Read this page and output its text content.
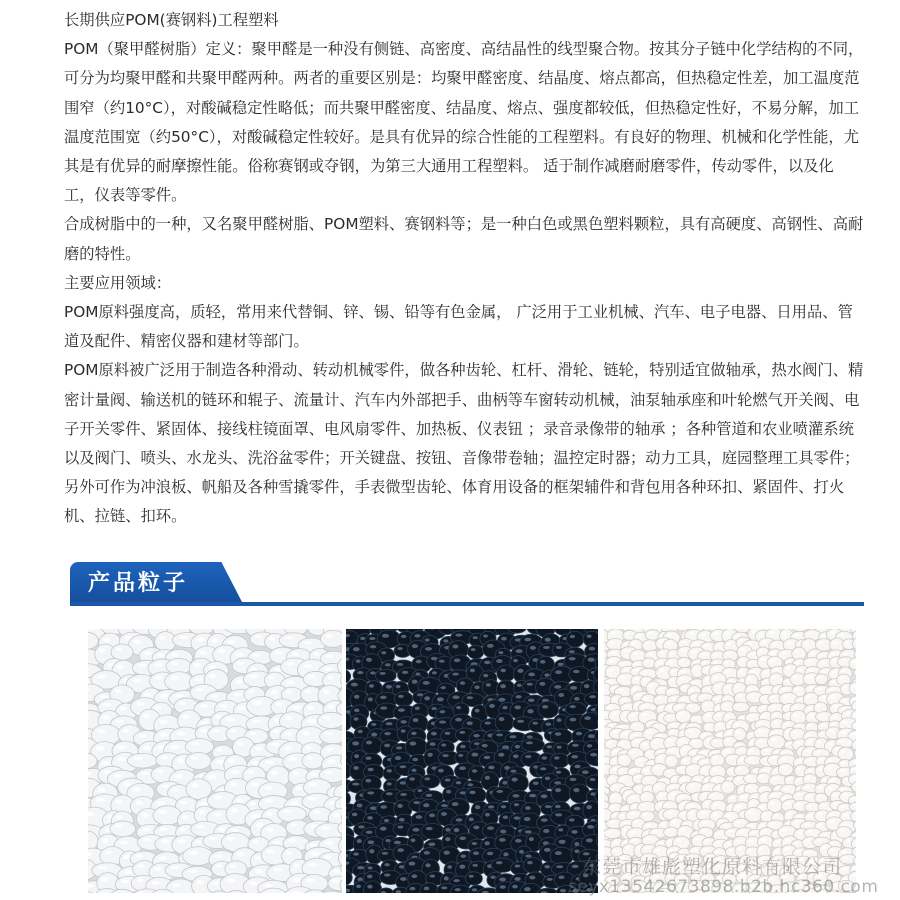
长期供应POM(赛钢料)工程塑料

POM（聚甲醛树脂）定义：聚甲醛是一种没有侧链、高密度、高结晶性的线型聚合物。按其分子链中化学结构的不同，可分为均聚甲醛和共聚甲醛两种。两者的重要区别是：均聚甲醛密度、结晶度、熔点都高，但热稳定性差，加工温度范围窄（约10°C），对酸碱稳定性略低；而共聚甲醛密度、结晶度、熔点、强度都较低，但热稳定性好，不易分解，加工温度范围宽（约50°C），对酸碱稳定性较好。是具有优异的综合性能的工程塑料。有良好的物理、机械和化学性能，尤其是有优异的耐摩擦性能。俗称赛钢或夺钢，为第三大通用工程塑料。 适于制作减磨耐磨零件，传动零件，以及化工，仪表等零件。

合成树脂中的一种，又名聚甲醛树脂、POM塑料、赛钢料等；是一种白色或黑色塑料颗粒，具有高硬度、高钢性、高耐磨的特性。

主要应用领域：

POM原料强度高，质轻，常用来代替铜、锌、锡、铅等有色金属， 广泛用于工业机械、汽车、电子电器、日用品、管道及配件、精密仪器和建材等部门。

POM原料被广泛用于制造各种滑动、转动机械零件，做各种齿轮、杠杆、滑轮、链轮，特别适宜做轴承，热水阀门、精密计量阀、输送机的链环和辊子、流量计、汽车内外部把手、曲柄等车窗转动机械，油泵轴承座和叶轮燃气开关阀、电子开关零件、紧固体、接线柱镜面罩、电风扇零件、加热板、仪表钮 ；录音录像带的轴承 ；各种管道和农业喷灌系统以及阀门、喷头、水龙头、洗浴盆零件；开关键盘、按钮、音像带卷轴；温控定时器；动力工具，庭园整理工具零件；另外可作为冲浪板、帆船及各种雪撬零件，手表微型齿轮、体育用设备的框架辅件和背包用各种环扣、紧固件、打火机、拉链、扣环。

产品粒子
东莞市雄彪塑化原料有限公司
seyx13542673898.b2b.hc360.com
